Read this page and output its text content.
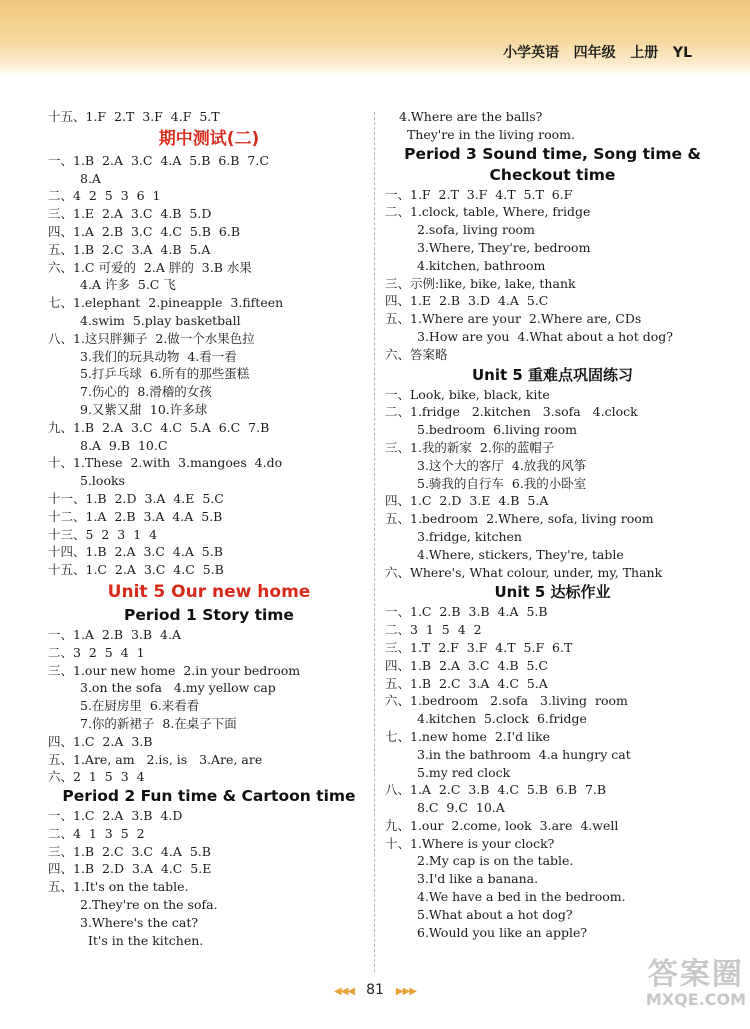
小学英语   四年级   上册   YL
十五、1.F  2.T  3.F  4.F  5.T
期中测试(二)
一、1.B  2.A  3.C  4.A  5.B  6.B  7.C
8.A
二、4  2  5  3  6  1
三、1.E  2.A  3.C  4.B  5.D
四、1.A  2.B  3.C  4.C  5.B  6.B
五、1.B  2.C  3.A  4.B  5.A
六、1.C 可爱的  2.A 胖的  3.B 水果
4.A 许多  5.C 飞
七、1.elephant  2.pineapple  3.fifteen
4.swim  5.play basketball
八、1.这只胖狮子  2.做一个水果色拉
3.我们的玩具动物  4.看一看
5.打乒乓球  6.所有的那些蛋糕
7.伤心的  8.滑稽的女孩
9.又紫又甜  10.许多球
九、1.B  2.A  3.C  4.C  5.A  6.C  7.B
8.A  9.B  10.C
十、1.These  2.with  3.mangoes  4.do
5.looks
十一、1.B  2.D  3.A  4.E  5.C
十二、1.A  2.B  3.A  4.A  5.B
十三、5  2  3  1  4
十四、1.B  2.A  3.C  4.A  5.B
十五、1.C  2.A  3.C  4.C  5.B
Unit 5 Our new home
Period 1 Story time
一、1.A  2.B  3.B  4.A
二、3  2  5  4  1
三、1.our new home  2.in your bedroom
3.on the sofa   4.my yellow cap
5.在厨房里  6.来看看
7.你的新裙子  8.在桌子下面
四、1.C  2.A  3.B
五、1.Are, am   2.is, is   3.Are, are
六、2  1  5  3  4
Period 2 Fun time & Cartoon time
一、1.C  2.A  3.B  4.D
二、4  1  3  5  2
三、1.B  2.C  3.C  4.A  5.B
四、1.B  2.D  3.A  4.C  5.E
五、1.It's on the table.
2.They're on the sofa.
3.Where's the cat?
It's in the kitchen.
4.Where are the balls?
They're in the living room.
Period 3 Sound time, Song time &
Checkout time
一、1.F  2.T  3.F  4.T  5.T  6.F
二、1.clock, table, Where, fridge
2.sofa, living room
3.Where, They're, bedroom
4.kitchen, bathroom
三、示例:like, bike, lake, thank
四、1.E  2.B  3.D  4.A  5.C
五、1.Where are your  2.Where are, CDs
3.How are you  4.What about a hot dog?
六、答案略
Unit 5 重难点巩固练习
一、Look, bike, black, kite
二、1.fridge   2.kitchen   3.sofa   4.clock
5.bedroom  6.living room
三、1.我的新家  2.你的蓝帽子
3.这个大的客厅  4.放我的风筝
5.骑我的自行车  6.我的小卧室
四、1.C  2.D  3.E  4.B  5.A
五、1.bedroom  2.Where, sofa, living room
3.fridge, kitchen
4.Where, stickers, They're, table
六、Where's, What colour, under, my, Thank
Unit 5 达标作业
一、1.C  2.B  3.B  4.A  5.B
二、3  1  5  4  2
三、1.T  2.F  3.F  4.T  5.F  6.T
四、1.B  2.A  3.C  4.B  5.C
五、1.B  2.C  3.A  4.C  5.A
六、1.bedroom   2.sofa   3.living  room
4.kitchen  5.clock  6.fridge
七、1.new home  2.I'd like
3.in the bathroom  4.a hungry cat
5.my red clock
八、1.A  2.C  3.B  4.C  5.B  6.B  7.B
8.C  9.C  10.A
九、1.our  2.come, look  3.are  4.well
十、1.Where is your clock?
2.My cap is on the table.
3.I'd like a banana.
4.We have a bed in the bedroom.
5.What about a hot dog?
6.Would you like an apple?
◀◀◀ 81 ▶▶▶	答案圈
MXQE.COM
